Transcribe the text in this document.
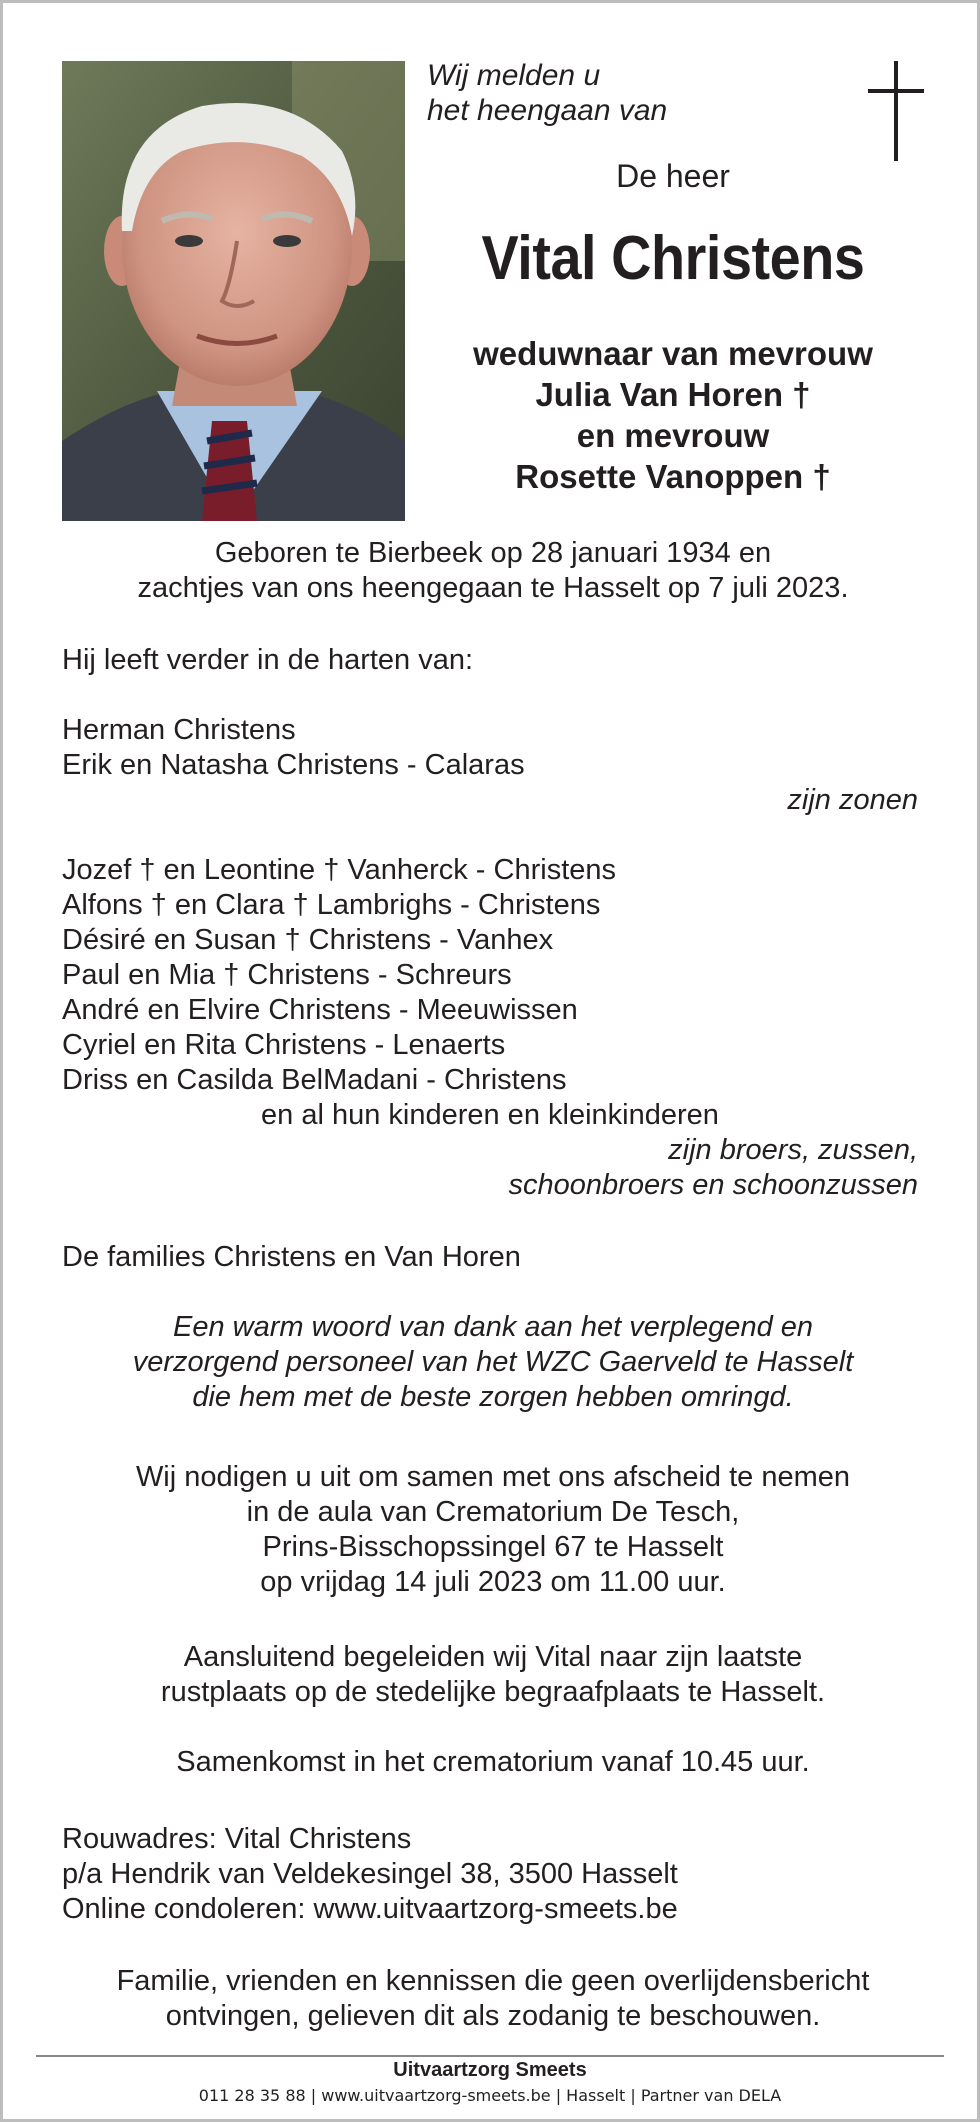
Wij melden u
het heengaan van
De heer
Vital Christens
weduwnaar van mevrouw
Julia Van Horen †
en mevrouw
Rosette Vanoppen †
Geboren te Bierbeek op 28 januari 1934 en
zachtjes van ons heengegaan te Hasselt op 7 juli 2023.
Hij leeft verder in de harten van:
Herman Christens
Erik en Natasha Christens - Calaras
zijn zonen
Jozef † en Leontine † Vanherck - Christens
Alfons † en Clara † Lambrighs - Christens
Désiré en Susan † Christens - Vanhex
Paul en Mia † Christens - Schreurs
André en Elvire Christens - Meeuwissen
Cyriel en Rita Christens - Lenaerts
Driss en Casilda BelMadani - Christens
en al hun kinderen en kleinkinderen
zijn broers, zussen,
schoonbroers en schoonzussen
De families Christens en Van Horen
Een warm woord van dank aan het verplegend en
verzorgend personeel van het WZC Gaerveld te Hasselt
die hem met de beste zorgen hebben omringd.
Wij nodigen u uit om samen met ons afscheid te nemen
in de aula van Crematorium De Tesch,
Prins-Bisschopssingel 67 te Hasselt
op vrijdag 14 juli 2023 om 11.00 uur.
Aansluitend begeleiden wij Vital naar zijn laatste
rustplaats op de stedelijke begraafplaats te Hasselt.
Samenkomst in het crematorium vanaf 10.45 uur.
Rouwadres: Vital Christens
p/a Hendrik van Veldekesingel 38, 3500 Hasselt
Online condoleren: www.uitvaartzorg-smeets.be
Familie, vrienden en kennissen die geen overlijdensbericht
ontvingen, gelieven dit als zodanig te beschouwen.
Uitvaartzorg Smeets
011 28 35 88 | www.uitvaartzorg-smeets.be | Hasselt | Partner van DELA
